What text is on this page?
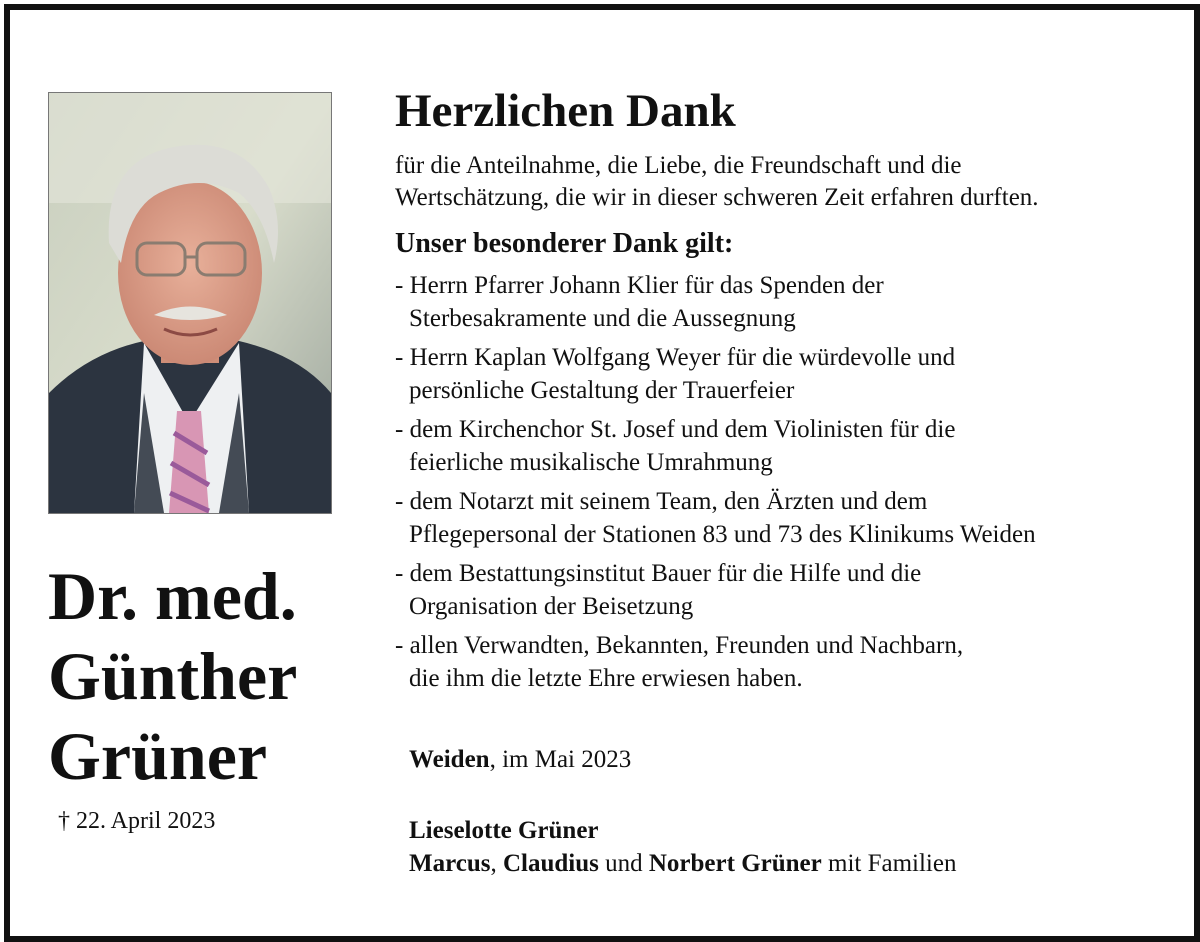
Herzlichen Dank
für die Anteilnahme, die Liebe, die Freundschaft und die
Wertschätzung, die wir in dieser schweren Zeit erfahren durften.
Unser besonderer Dank gilt:
- Herrn Pfarrer Johann Klier für das Spenden der
Sterbesakramente und die Aussegnung
- Herrn Kaplan Wolfgang Weyer für die würdevolle und
persönliche Gestaltung der Trauerfeier
- dem Kirchenchor St. Josef und dem Violinisten für die
feierliche musikalische Umrahmung
- dem Notarzt mit seinem Team, den Ärzten und dem
Pflegepersonal der Stationen 83 und 73 des Klinikums Weiden
- dem Bestattungsinstitut Bauer für die Hilfe und die
Organisation der Beisetzung
- allen Verwandten, Bekannten, Freunden und Nachbarn,
die ihm die letzte Ehre erwiesen haben.
Dr. med.
Günther
Grüner
† 22. April 2023
Weiden, im Mai 2023
Lieselotte Grüner
Marcus, Claudius und Norbert Grüner mit Familien
